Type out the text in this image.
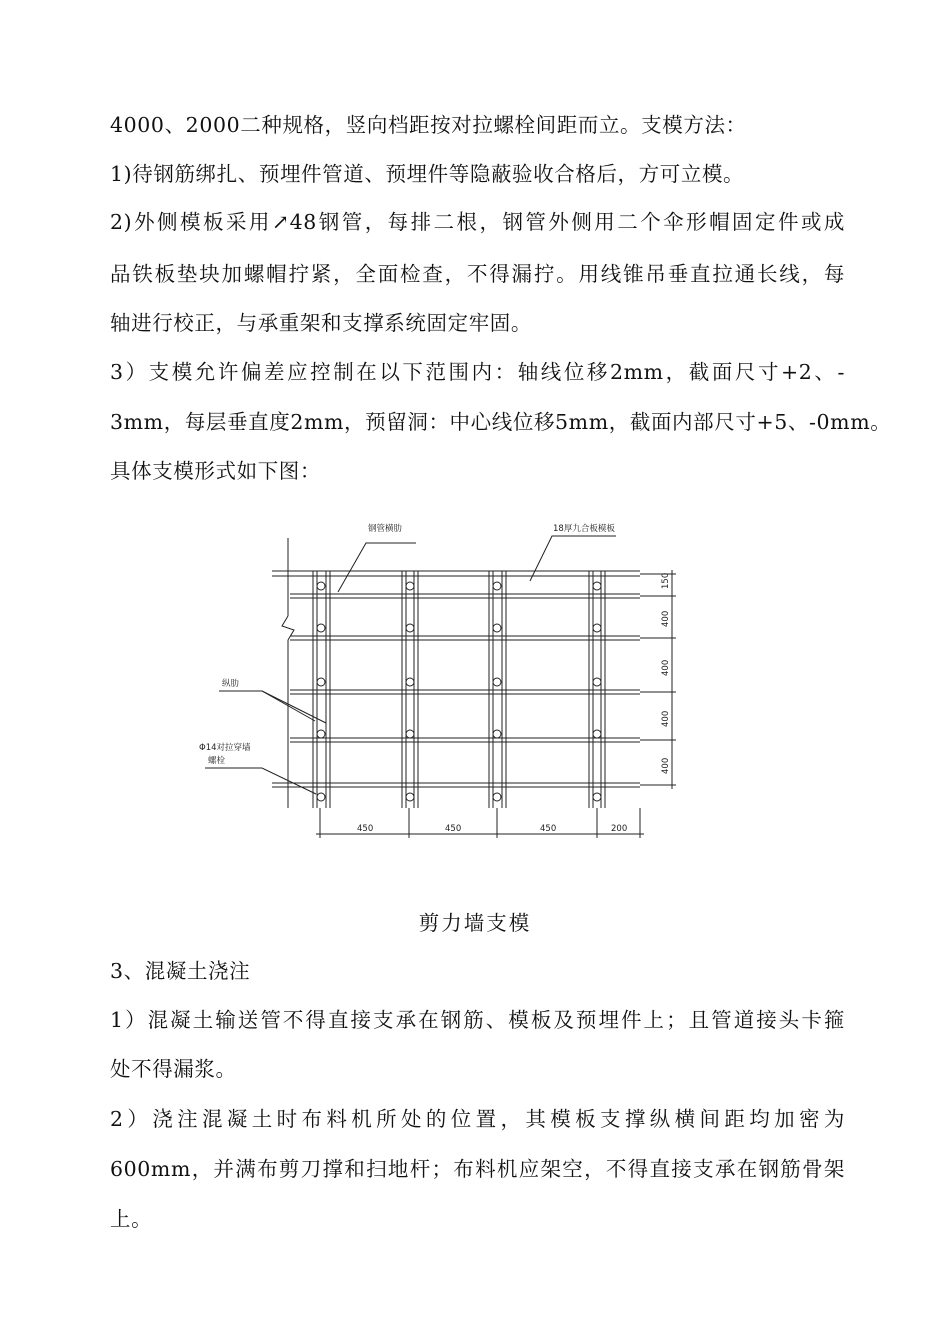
4000、2000二种规格，竖向档距按对拉螺栓间距而立。支模方法：
1)待钢筋绑扎、预埋件管道、预埋件等隐蔽验收合格后，方可立模。
2)外侧模板采用↗48钢管，每排二根，钢管外侧用二个伞形帽固定件或成
品铁板垫块加螺帽拧紧，全面检查，不得漏拧。用线锥吊垂直拉通长线，每
轴进行校正，与承重架和支撑系统固定牢固。
3）支模允许偏差应控制在以下范围内：轴线位移2mm，截面尺寸+2、-
3mm，每层垂直度2mm，预留洞：中心线位移5mm，截面内部尺寸+5、-0mm。
具体支模形式如下图：
钢管横肋	18厚九合板模板
纵肋
Φ14对拉穿墙
螺栓
450	450	450	200
150
400
400
400
400
剪力墙支模
3、混凝土浇注
1）混凝土输送管不得直接支承在钢筋、模板及预埋件上；且管道接头卡箍
处不得漏浆。
2）浇注混凝土时布料机所处的位置，其模板支撑纵横间距均加密为
600mm，并满布剪刀撑和扫地杆；布料机应架空，不得直接支承在钢筋骨架
上。
